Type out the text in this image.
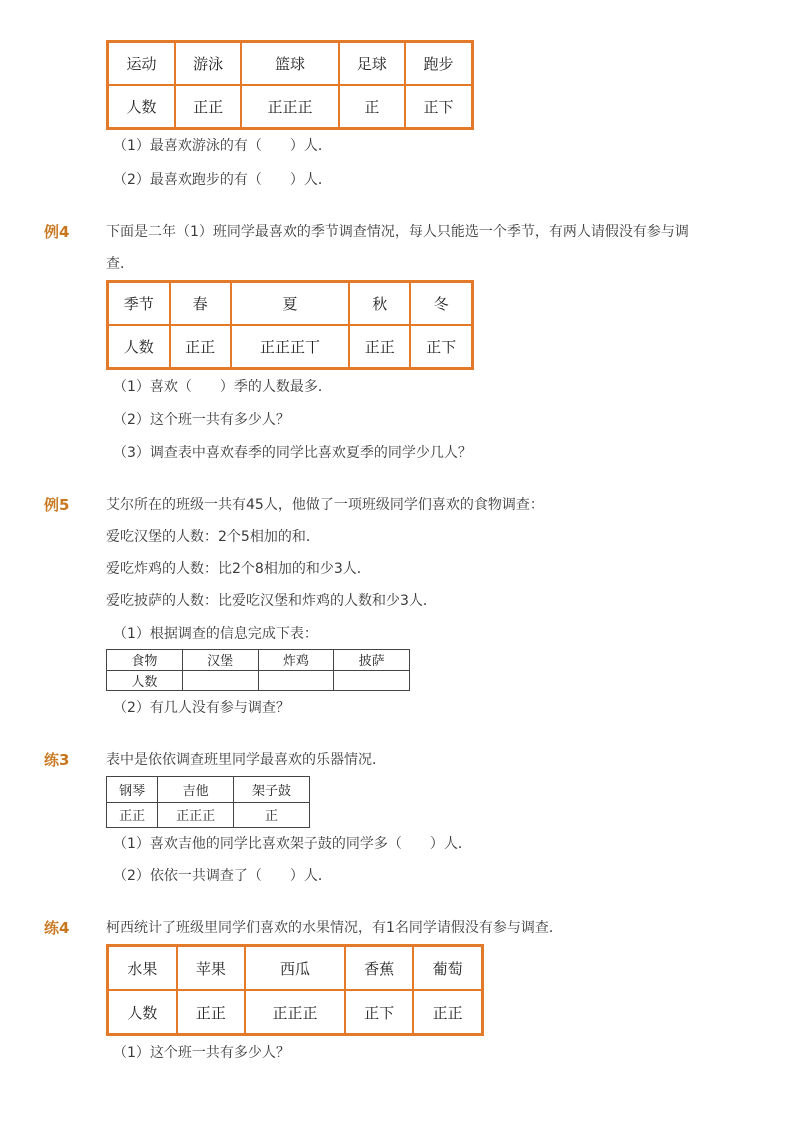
运动	游泳	篮球	足球	跑步
人数	正正	正正正	正	正下
（1）最喜欢游泳的有（　　）人．
（2）最喜欢跑步的有（　　）人．
例4	下面是二年（1）班同学最喜欢的季节调查情况，每人只能选一个季节，有两人请假没有参与调
查．
季节	春	夏	秋	冬
人数	正正	正正正丅	正正	正下
（1）喜欢（　　）季的人数最多．
（2）这个班一共有多少人？
（3）调查表中喜欢春季的同学比喜欢夏季的同学少几人？
例5	艾尔所在的班级一共有45人，他做了一项班级同学们喜欢的食物调查：
爱吃汉堡的人数：2个5相加的和．
爱吃炸鸡的人数：比2个8相加的和少3人．
爱吃披萨的人数：比爱吃汉堡和炸鸡的人数和少3人．
（1）根据调查的信息完成下表：
食物	汉堡	炸鸡	披萨
人数			
（2）有几人没有参与调查？
练3	表中是依依调查班里同学最喜欢的乐器情况．
钢琴	吉他	架子鼓
正正	正正正	正
（1）喜欢吉他的同学比喜欢架子鼓的同学多（　　）人．
（2）依依一共调查了（　　）人．
练4	柯西统计了班级里同学们喜欢的水果情况，有1名同学请假没有参与调查．
水果	苹果	西瓜	香蕉	葡萄
人数	正正	正正正	正下	正正
（1）这个班一共有多少人？
